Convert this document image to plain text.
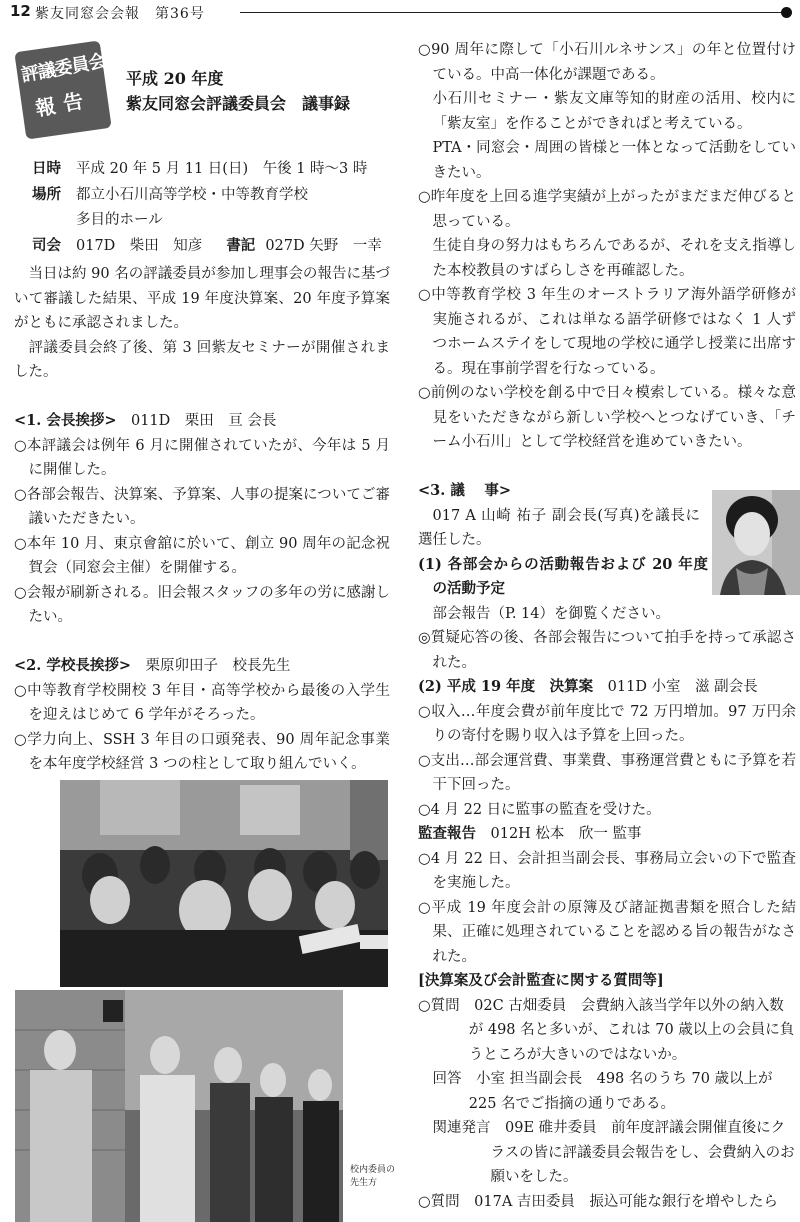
12 紫友同窓会会報　第36号
評議委員会
報告
平成 20 年度
紫友同窓会評議委員会　議事録
日時 平成 20 年 5 月 11 日(日)　午後 1 時～3 時
場所 都立小石川高等学校・中等教育学校
多目的ホール
司会 017D　柴田　知彦 書記 027D 矢野　一幸
当日は約 90 名の評議委員が参加し理事会の報告に基づいて審議した結果、平成 19 年度決算案、20 年度予算案がともに承認されました。
評議委員会終了後、第 3 回紫友セミナーが開催されました。
<1. 会長挨拶>　 011D　栗田　亘 会長
○本評議会は例年 6 月に開催されていたが、今年は 5 月に開催した。
○各部会報告、決算案、予算案、人事の提案についてご審議いただきたい。
○本年 10 月、東京會舘に於いて、創立 90 周年の記念祝賀会（同窓会主催）を開催する。
○会報が刷新される。旧会報スタッフの多年の労に感謝したい。
<2. 学校長挨拶>　 栗原卯田子　校長先生
○中等教育学校開校 3 年目・高等学校から最後の入学生を迎えはじめて 6 学年がそろった。
○学力向上、SSH 3 年目の口頭発表、90 周年記念事業を本年度学校経営 3 つの柱として取り組んでいく。
校内委員の
先生方
○90 周年に際して「小石川ルネサンス」の年と位置付けている。中高一体化が課題である。
小石川セミナー・紫友文庫等知的財産の活用、校内に「紫友室」を作ることができればと考えている。
PTA・同窓会・周囲の皆様と一体となって活動をしていきたい。
○昨年度を上回る進学実績が上がったがまだまだ伸びると思っている。
生徒自身の努力はもちろんであるが、それを支え指導した本校教員のすばらしさを再確認した。
○中等教育学校 3 年生のオーストラリア海外語学研修が実施されるが、これは単なる語学研修ではなく 1 人ずつホームステイをして現地の学校に通学し授業に出席する。現在事前学習を行なっている。
○前例のない学校を創る中で日々模索している。様々な意見をいただきながら新しい学校へとつなげていき、「チーム小石川」として学校経営を進めていきたい。
<3. 議　 事>
017 A 山崎 祐子 副会長(写真)を議長に選任した。
(1) 各部会からの活動報告および 20 年度の活動予定
部会報告（P. 14）を御覧ください。
◎質疑応答の後、各部会報告について拍手を持って承認された。
(2) 平成 19 年度　決算案　 011D 小室　滋 副会長
○収入…年度会費が前年度比で 72 万円増加。97 万円余りの寄付を賜り収入は予算を上回った。
○支出…部会運営費、事業費、事務運営費ともに予算を若干下回った。
○4 月 22 日に監事の監査を受けた。
監査報告　 012H 松本　欣一 監事
○4 月 22 日、会計担当副会長、事務局立会いの下で監査を実施した。
○平成 19 年度会計の原簿及び諸証拠書類を照合した結果、正確に処理されていることを認める旨の報告がなされた。
[決算案及び会計監査に関する質問等]
○質問　02C 古畑委員　会費納入該当学年以外の納入数が 498 名と多いが、これは 70 歳以上の会員に負うところが大きいのではないか。
回答　小室 担当副会長　498 名のうち 70 歳以上が 225 名でご指摘の通りである。
関連発言　09E 碓井委員　前年度評議会開催直後にクラスの皆に評議委員会報告をし、会費納入のお願いをした。
○質問　017A 吉田委員　振込可能な銀行を増やしたら
